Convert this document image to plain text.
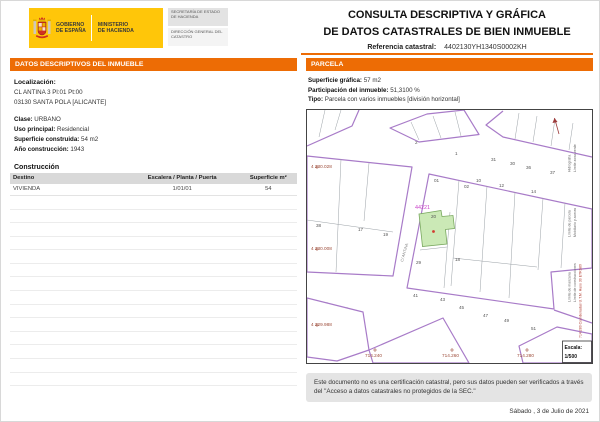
GOBIERNO
DE ESPAÑA
MINISTERIO
DE HACIENDA
SECRETARÍA DE ESTADO DE HACIENDA
DIRECCIÓN GENERAL DEL CATASTRO
CONSULTA DESCRIPTIVA Y GRÁFICA
DE DATOS CATASTRALES DE BIEN INMUEBLE
Referencia catastral: 4402130YH1340S0002KH
DATOS DESCRIPTIVOS DEL INMUEBLE
Localización:
CL ANTINA 3 Pl:01 Pt:00
03130 SANTA POLA [ALICANTE]
Clase: URBANO
Uso principal: Residencial
Superficie construida: 54 m2
Año construcción: 1943
Construcción
Destino	Escalera / Planta / Puerta	Superficie m²
VIVIENDA	1/01/01	54
PARCELA
Superficie gráfica: 57 m2
Participación del inmueble: 51,3100 %
Tipo: Parcela con varios inmuebles [división horizontal]
2
1
31
30
36
37
01
02
10
12
14
20
29
18
41
43
45
47
49
51
38
17
19
4 230.028
4 230.008
4 229.988
714.240	714.260	714.280
44221
C/ ANTINA
Hidrografía Límite zona verde
Límite de parcela Mobiliario y aceras
Límite de manzana Límite de construcciones 714.280 Coordenadas U.T.M. Huso 30 ETRS89
Escala:
1/500
Este documento no es una certificación catastral, pero sus datos pueden ser verificados a través del "Acceso a datos catastrales no protegidos de la SEC."
Sábado , 3 de Julio de 2021
